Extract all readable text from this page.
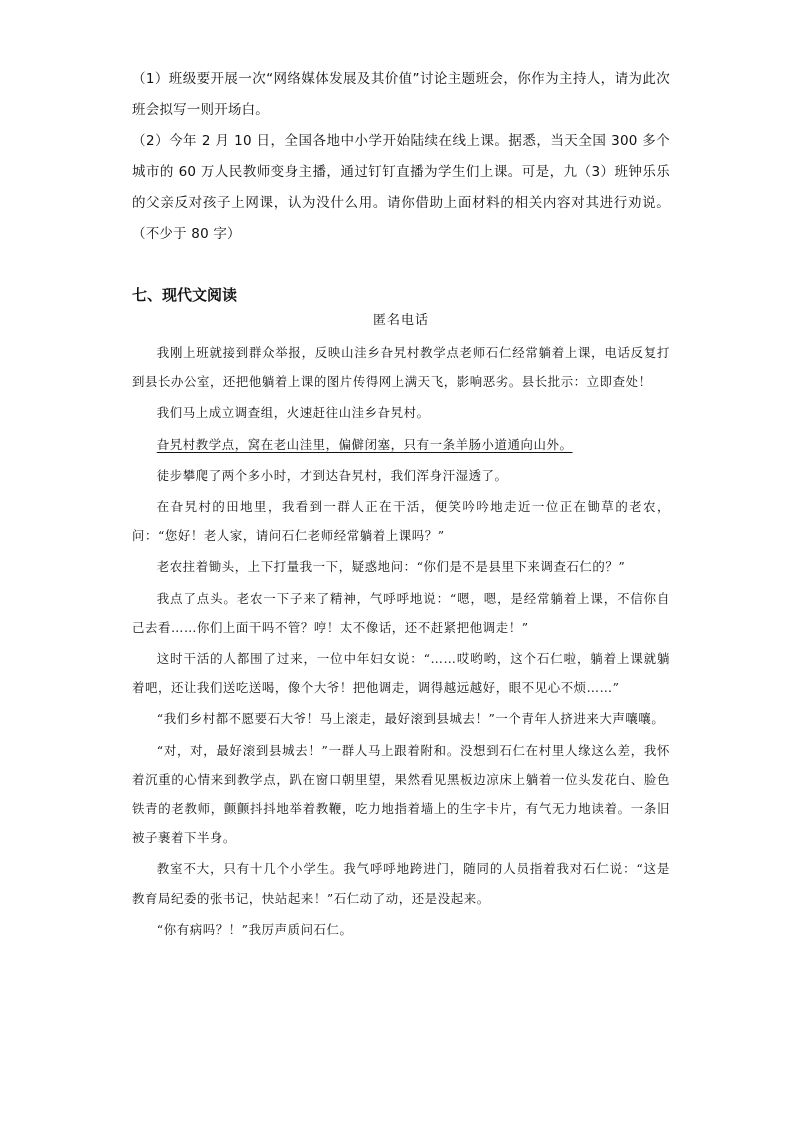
（1）班级要开展一次“网络媒体发展及其价值”讨论主题班会，你作为主持人，请为此次班会拟写一则开场白。

（2）今年 2 月 10 日，全国各地中小学开始陆续在线上课。据悉，当天全国 300 多个城市的 60 万人民教师变身主播，通过钉钉直播为学生们上课。可是，九（3）班钟乐乐的父亲反对孩子上网课，认为没什么用。请你借助上面材料的相关内容对其进行劝说。（不少于 80 字）

七、现代文阅读
匿名电话

我刚上班就接到群众举报，反映山洼乡旮旯村教学点老师石仁经常躺着上课，电话反复打到县长办公室，还把他躺着上课的图片传得网上满天飞，影响恶劣。县长批示：立即查处！

我们马上成立调查组，火速赶往山洼乡旮旯村。

旮旯村教学点，窝在老山洼里，偏僻闭塞，只有一条羊肠小道通向山外。

徒步攀爬了两个多小时，才到达旮旯村，我们浑身汗湿透了。

在旮旯村的田地里，我看到一群人正在干活，便笑吟吟地走近一位正在锄草的老农，问：“您好！老人家，请问石仁老师经常躺着上课吗？”

老农拄着锄头，上下打量我一下，疑惑地问：“你们是不是县里下来调查石仁的？”

我点了点头。老农一下子来了精神，气呼呼地说：“嗯，嗯，是经常躺着上课，不信你自己去看……你们上面干吗不管？哼！太不像话，还不赶紧把他调走！”

这时干活的人都围了过来，一位中年妇女说：“……哎哟哟，这个石仁啦，躺着上课就躺着吧，还让我们送吃送喝，像个大爷！把他调走，调得越远越好，眼不见心不烦……”

“我们乡村都不愿要石大爷！马上滚走，最好滚到县城去！”一个青年人挤进来大声嚷嚷。

“对，对，最好滚到县城去！”一群人马上跟着附和。没想到石仁在村里人缘这么差，我怀着沉重的心情来到教学点，趴在窗口朝里望，果然看见黑板边凉床上躺着一位头发花白、脸色铁青的老教师，颤颤抖抖地举着教鞭，吃力地指着墙上的生字卡片，有气无力地读着。一条旧被子裹着下半身。

教室不大，只有十几个小学生。我气呼呼地跨进门，随同的人员指着我对石仁说：“这是教育局纪委的张书记，快站起来！”石仁动了动，还是没起来。

“你有病吗？！”我厉声质问石仁。
